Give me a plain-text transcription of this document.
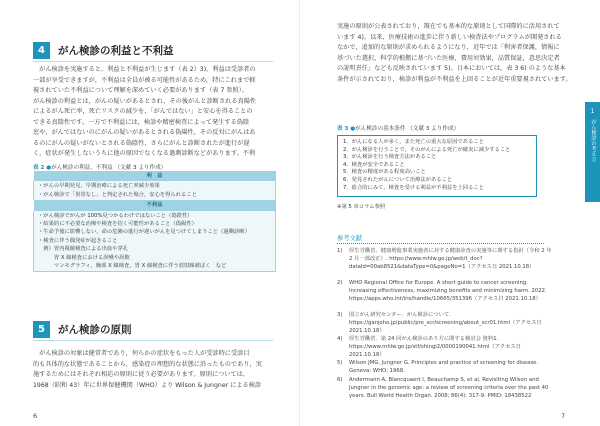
4	がん検診の利益と不利益

　がん検診を実施すると，利益と不利益が生じます（表 2）3)。利益は受診者の

一部が享受できますが，不利益は全員が被る可能性があるため，特にこれまで軽

視されていた不利益について理解を深めていく必要があります（表 7 参照）。

がん検診の利益とは，がんの疑いがあるとされ，その後がんと診断される真陽性

によるがん死亡率，死亡リスクの減少を，「がんではない」と安心を得ることの

できる真陰性です。一方で不利益には，検診や精密検査によって発生する偽陰

窓や，がんではないのにがんの疑いがあるとされる偽陽性，その反対にがんはあ

るのにがんの疑いがないとされる偽陰性，さらにがんと診断されたが進行が遅

く，症状が発生しないうちに他の原因でなくなる過剰診断などがあります。不利

表 2 ●がん検診の利益，不利益 （文献 3 より作成）
利　益

・がんの早期発見，早期治療による死亡率減少効果
・がん検診で「異常なし」と判定された場合，安心を得られること

不利益

・がん検診でがんが 100%見つかるわけではないこと（偽陰性）
・結果的に不必要な治療や検査を招く可能性があること（偽陽性）
・生命予後に影響しない，命の危険の進行が遅いがんを見つけてしまうこと（過剰診断）
・検査に伴う偶発症が起きること
　例）胃内視鏡検査による出血や穿孔
　　　胃 X 線検査における誤嚥や誤飲
　　　マンモグラフィ，胸部 X 線検査，胃 X 線検査に伴う放射線被ばく　など
5	がん検診の原則

　がん検診の対象は健常者であり，何らかの症状をもった人が受診時に受診目

的も具体的な状態であることから，感染症の理想的な状態に沿ったものであり，実

施するためにはそれぞれ相応の原則に従う必要があります。原則については，

1968（昭和 43）年に世界保健機関（WHO）より Wilson & Jungner による検診

6

実施の原則が公表されており，現在でも基本的な原則として国際的に活用されて

います 4)。以来，医療技術の進歩に伴う新しい検査法やプログラムが開発される

なかで，追加的な原則が求められるようになり，近年では「利害者保護，情報に

基づいた選択，科学的根拠に基づいた医療，費用対効果，品質保証，意思決定者

の説明責任」なども反映されています 5)。日本においては，表 3 6) のような基本

条件が示されており，検診が利益が不利益を上回ることが近年重要視されています。

表 3 ●がん検診の基本条件 （文献 3 より作成）
1．がんになる人が多く，また死亡の重大な原因であること
2．がん検診を行うことで，そのがんによる死亡が確実に減少すること
3．がん検診を行う検査方法があること
4．検査が安全であること
5．検査の精度がある程度高いこと
6．発見されたがんについて治療法があること
7．総合的にみて，検査を受ける利益が不利益を上回ること
※第 5 章コラム参照
参考文献
1)	厚生労働省．健康増進事業実施者に対する健康診査の実施等に関する指針（令和 2 年 2 月一部改正）. https://www.mhlw.go.jp/web/t_doc?dataId=00ab8521&dataType=0&pageNo=1（アクセス日 2021.10.18）
2)	WHO Regional Office for Europe. A short guide to cancer screening. Increasing effectiveness, maximizing benefits and minimizing harm. 2022. https://apps.who.int/iris/handle/10665/351396（アクセス日 2021.10.18）
3)	国立がん研究センター．がん検診について. https://ganjoho.jp/public/pre_scr/screening/about_scr01.html（アクセス日 2021.10.18）
4)	厚生労働省．第 24 回がん検診のあり方に関する検討会 資料1. https://www.mhlw.go.jp/stf/shingi2/0000190041.html（アクセス日 2021.10.18）
5)	Wilson JMG, Jungner G. Principles and practice of screening for disease. Geneva: WHO; 1968.
6)	Andermann A, Blancquaert I, Beauchamp S, et al. Revisiting Wilson and Jungner in the genomic age: a review of screening criteria over the past 40 years. Bull World Health Organ. 2008; 86(4): 317-9. PMID: 18438522
1
がん検診の考え方
7
